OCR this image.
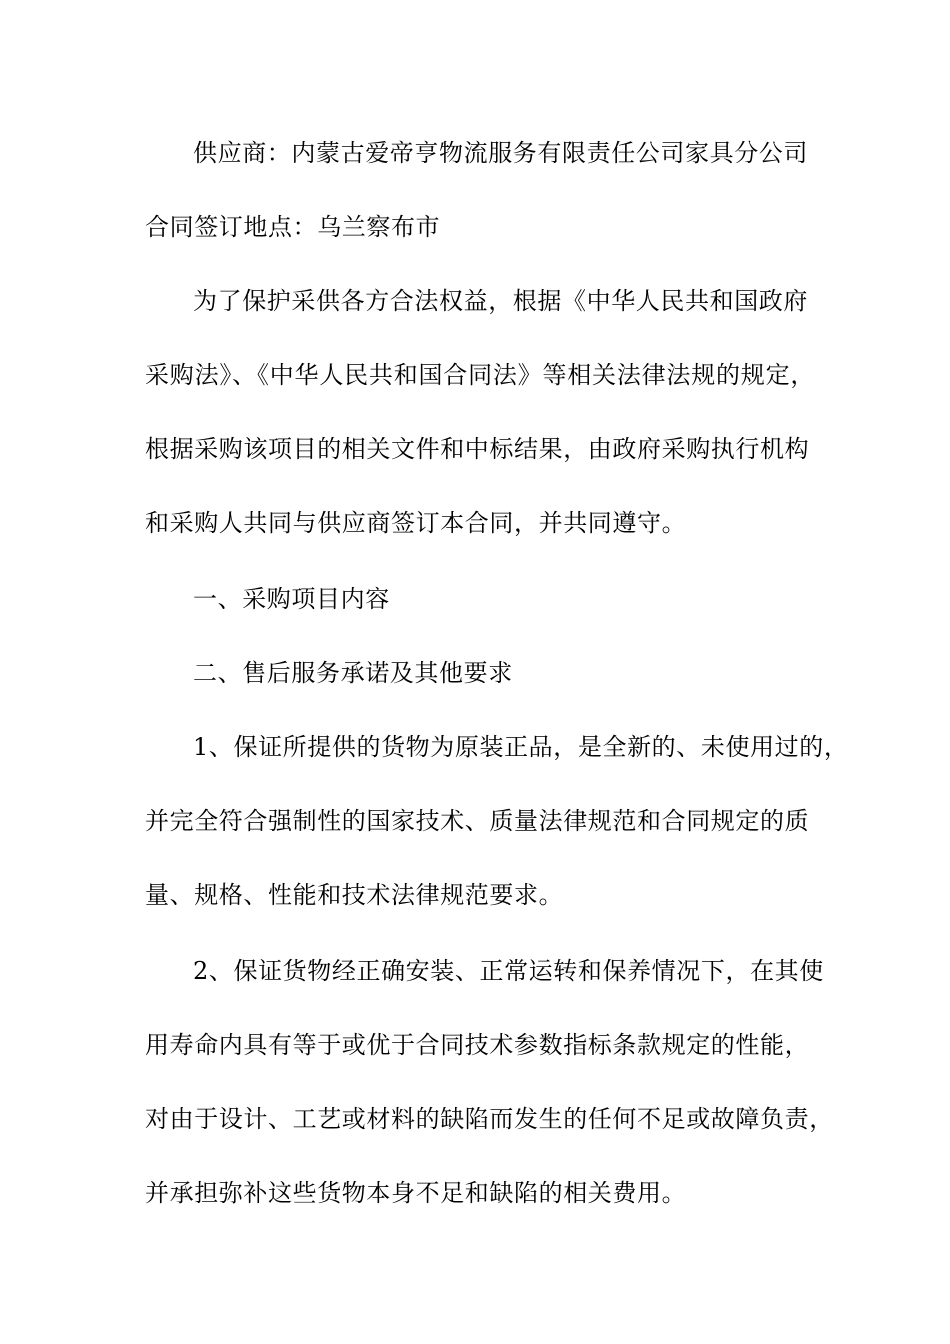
供应商：内蒙古爱帝亨物流服务有限责任公司家具分公司
合同签订地点：乌兰察布市
为了保护采供各方合法权益，根据《中华人民共和国政府
采购法》、《中华人民共和国合同法》等相关法律法规的规定，
根据采购该项目的相关文件和中标结果，由政府采购执行机构
和采购人共同与供应商签订本合同，并共同遵守。
一、采购项目内容
二、售后服务承诺及其他要求
1、保证所提供的货物为原装正品，是全新的、未使用过的，
并完全符合强制性的国家技术、质量法律规范和合同规定的质
量、规格、性能和技术法律规范要求。
2、保证货物经正确安装、正常运转和保养情况下，在其使
用寿命内具有等于或优于合同技术参数指标条款规定的性能，
对由于设计、工艺或材料的缺陷而发生的任何不足或故障负责，
并承担弥补这些货物本身不足和缺陷的相关费用。
